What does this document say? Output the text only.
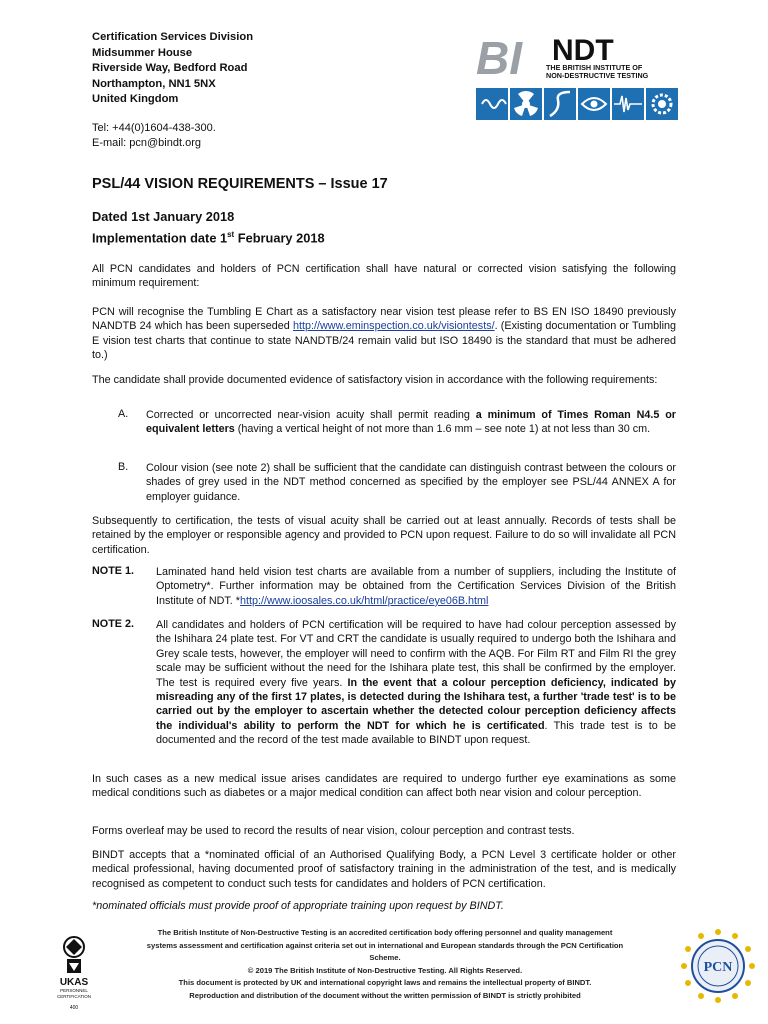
Certification Services Division
Midsummer House
Riverside Way, Bedford Road
Northampton, NN1 5NX
United Kingdom
Tel: +44(0)1604-438-300.
E-mail: pcn@bindt.org
BI NDT
THE BRITISH INSTITUTE OF
NON-DESTRUCTIVE TESTING
PSL/44 VISION REQUIREMENTS – Issue 17
Dated 1st January 2018
Implementation date 1st February 2018

All PCN candidates and holders of PCN certification shall have natural or corrected vision satisfying the following minimum requirement:

PCN will recognise the Tumbling E Chart as a satisfactory near vision test please refer to BS EN ISO 18490 previously NANDTB 24 which has been superseded http://www.eminspection.co.uk/visiontests/. (Existing documentation or Tumbling E vision test charts that continue to state NANDTB/24 remain valid but ISO 18490 is the standard that must be adhered to.)

The candidate shall provide documented evidence of satisfactory vision in accordance with the following requirements:

A. Corrected or uncorrected near-vision acuity shall permit reading a minimum of Times Roman N4.5 or equivalent letters (having a vertical height of not more than 1.6 mm – see note 1) at not less than 30 cm.
B. Colour vision (see note 2) shall be sufficient that the candidate can distinguish contrast between the colours or shades of grey used in the NDT method concerned as specified by the employer see PSL/44 ANNEX A for employer guidance.

Subsequently to certification, the tests of visual acuity shall be carried out at least annually. Records of tests shall be retained by the employer or responsible agency and provided to PCN upon request. Failure to do so will invalidate all PCN certification.

NOTE 1. Laminated hand held vision test charts are available from a number of suppliers, including the Institute of Optometry*. Further information may be obtained from the Certification Services Division of the British Institute of NDT. *http://www.ioosales.co.uk/html/practice/eye06B.html
NOTE 2. All candidates and holders of PCN certification will be required to have had colour perception assessed by the Ishihara 24 plate test. For VT and CRT the candidate is usually required to undergo both the Ishihara and Grey scale tests, however, the employer will need to confirm with the AQB. For Film RT and Film RI the grey scale may be sufficient without the need for the Ishihara plate test, this shall be confirmed by the employer. The test is required every five years. In the event that a colour perception deficiency, indicated by misreading any of the first 17 plates, is detected during the Ishihara test, a further 'trade test' is to be carried out by the employer to ascertain whether the detected colour perception deficiency affects the individual's ability to perform the NDT for which he is certificated. This trade test is to be documented and the record of the test made available to BINDT upon request.

In such cases as a new medical issue arises candidates are required to undergo further eye examinations as some medical conditions such as diabetes or a major medical condition can affect both near vision and colour perception.

Forms overleaf may be used to record the results of near vision, colour perception and contrast tests.

BINDT accepts that a *nominated official of an Authorised Qualifying Body, a PCN Level 3 certificate holder or other medical professional, having documented proof of satisfactory training in the administration of the test, and is medically recognised as competent to conduct such tests for candidates and holders of PCN certification.

*nominated officials must provide proof of appropriate training upon request by BINDT.

The British Institute of Non-Destructive Testing is an accredited certification body offering personnel and quality management
systems assessment and certification against criteria set out in international and European standards through the PCN Certification
Scheme.
© 2019 The British Institute of Non-Destructive Testing. All Rights Reserved.
This document is protected by UK and international copyright laws and remains the intellectual property of BINDT.
Reproduction and distribution of the document without the written permission of BINDT is strictly prohibited
UKAS
PERSONNEL
CERTIFICATION
400
PCN
